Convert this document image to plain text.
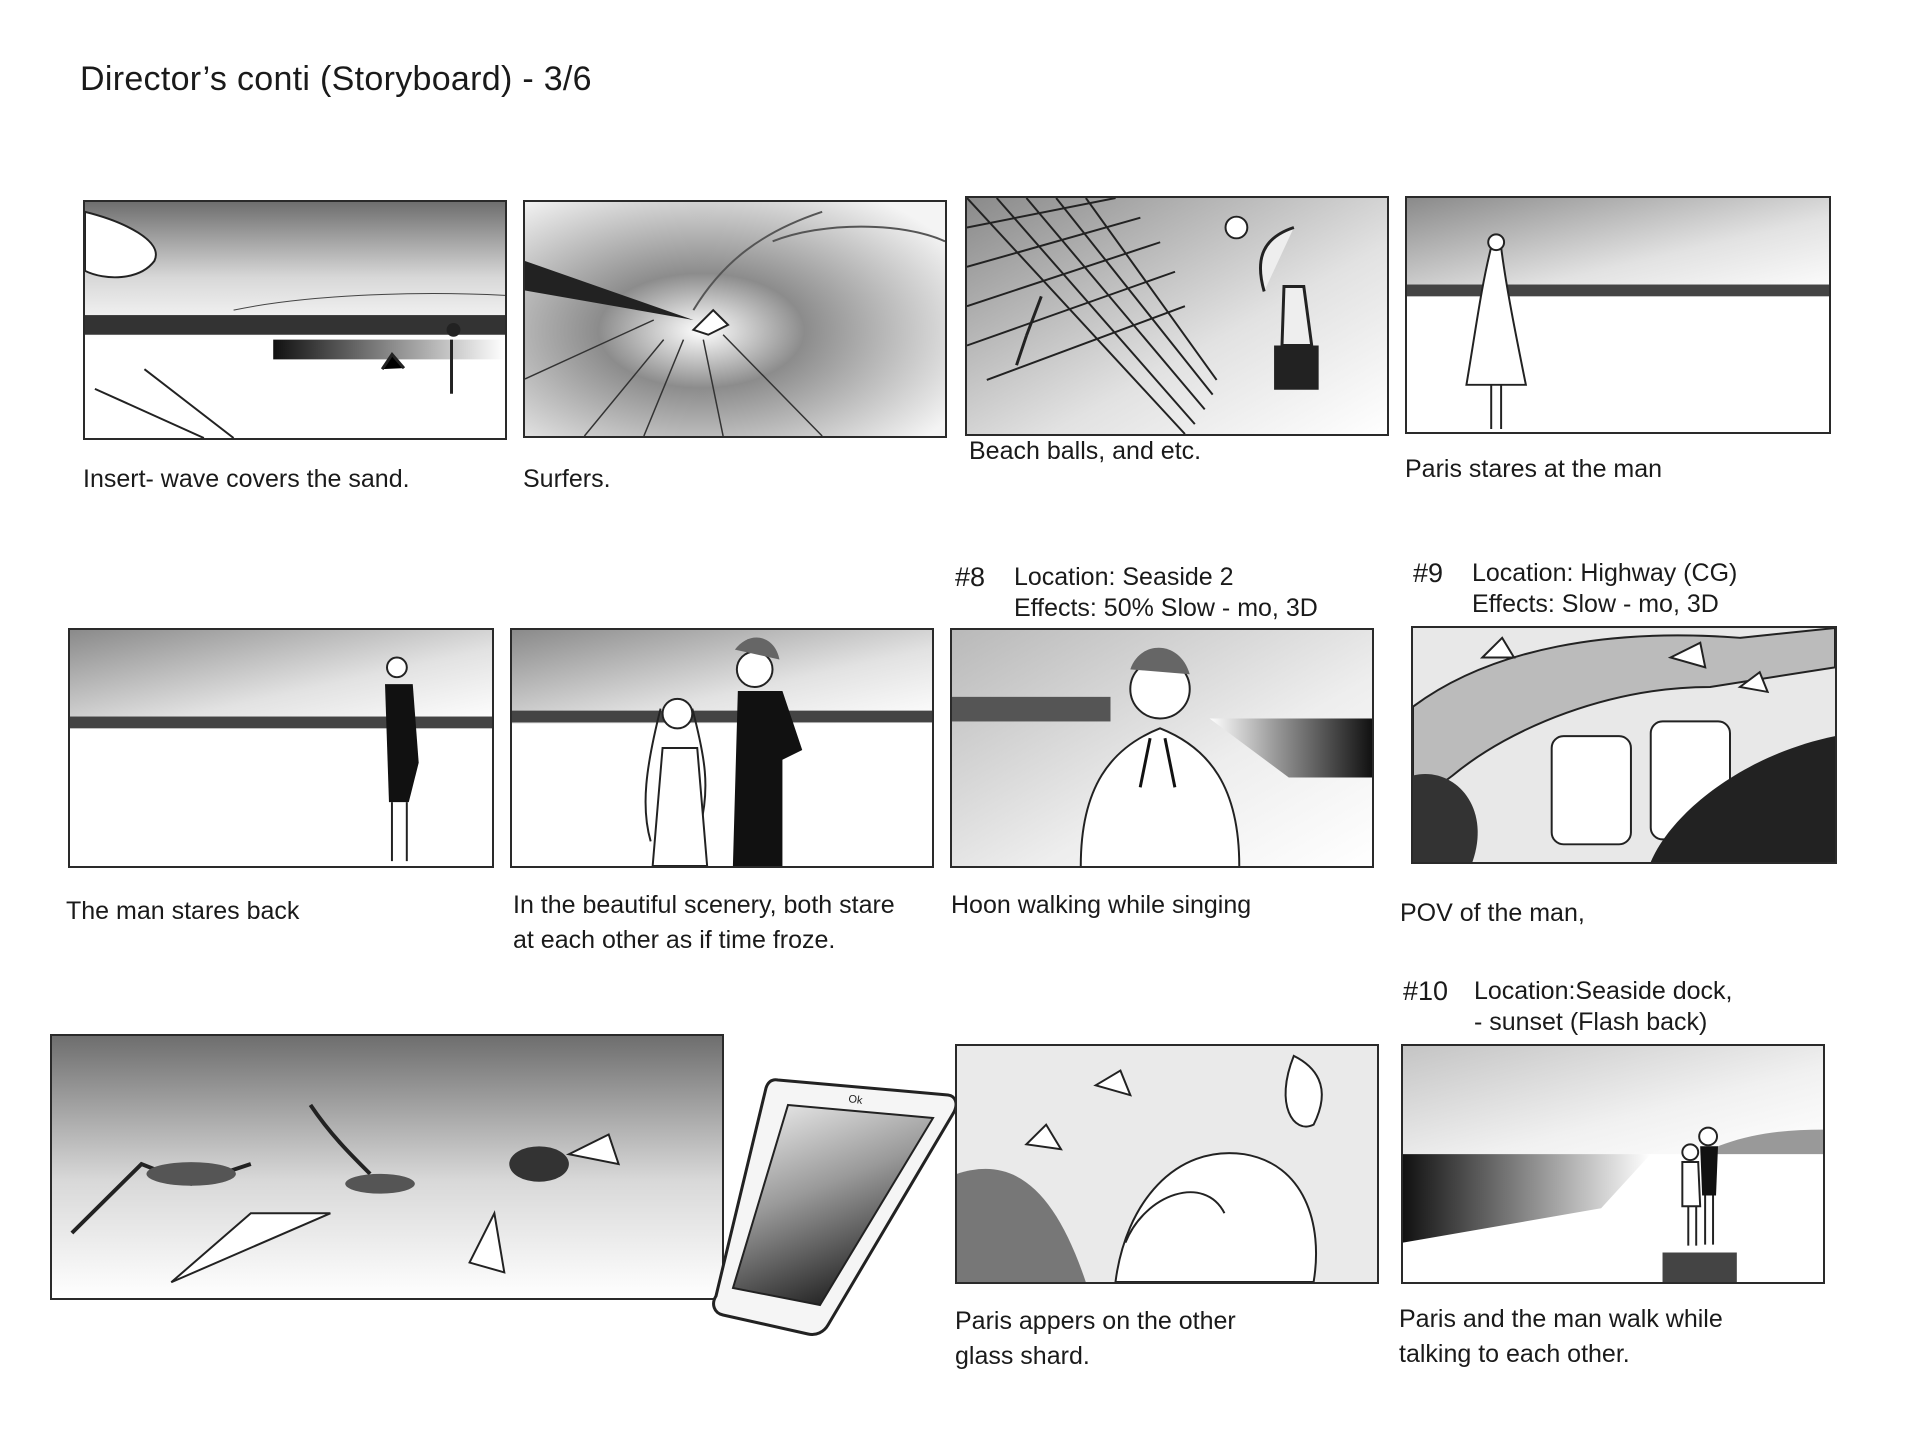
Director’s conti (Storyboard) - 3/6
Insert- wave covers the sand.	Surfers.
Beach balls, and etc.
Paris stares at the man
#8 Location: Seaside 2
Effects: 50% Slow - mo, 3D
#9 Location: Highway (CG)
Effects: Slow - mo, 3D
The man stares back	In the beautiful scenery, both stare
at each other as if time froze.
Hoon walking while singing	POV of the man,
#10 Location:Seaside dock,
- sunset (Flash back)
Ok
Paris appers on the other
glass shard.
Paris and the man walk while
talking to each other.
